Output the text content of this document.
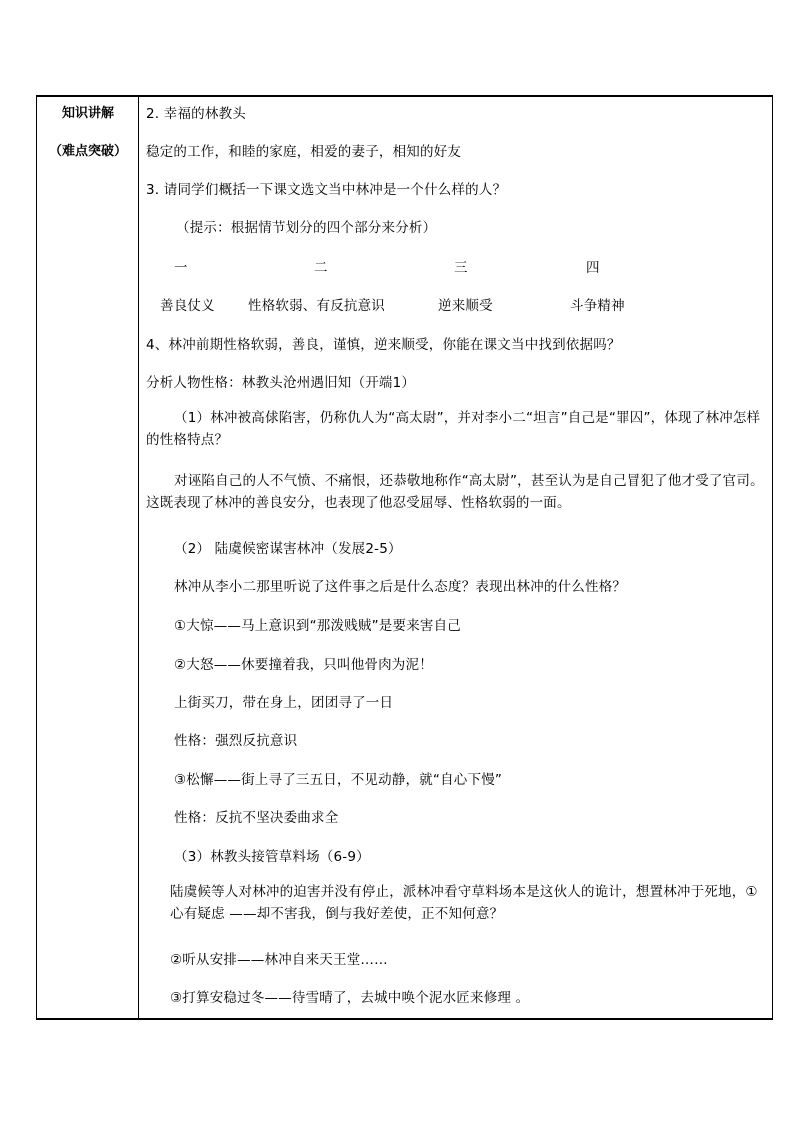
知识讲解
（难点突破）
2. 幸福的林教头
稳定的工作，和睦的家庭，相爱的妻子，相知的好友
3. 请同学们概括一下课文选文当中林冲是一个什么样的人？
（提示：根据情节划分的四个部分来分析）
一	二	三	四
善良仗义 性格软弱、有反抗意识	逆来顺受	斗争精神
4、林冲前期性格软弱，善良，谨慎，逆来顺受，你能在课文当中找到依据吗？
分析人物性格：林教头沧州遇旧知（开端1）
（1）林冲被高俅陷害，仍称仇人为“高太尉”，并对李小二“坦言”自己是“罪囚”，体现了林冲怎样的性格特点？
对诬陷自己的人不气愤、不痛恨，还恭敬地称作“高太尉”，甚至认为是自己冒犯了他才受了官司。这既表现了林冲的善良安分，也表现了他忍受屈辱、性格软弱的一面。
（2） 陆虞候密谋害林冲（发展2-5）
林冲从李小二那里听说了这件事之后是什么态度？表现出林冲的什么性格？
①大惊——马上意识到“那泼贱贼”是要来害自己
②大怒——休要撞着我，只叫他骨肉为泥！
上街买刀，带在身上，团团寻了一日
性格：强烈反抗意识
③松懈——街上寻了三五日，不见动静，就“自心下慢”
性格：反抗不坚决委曲求全
（3）林教头接管草料场（6-9）
陆虞候等人对林冲的迫害并没有停止，派林冲看守草料场本是这伙人的诡计，想置林冲于死地，①心有疑虑 ——却不害我，倒与我好差使，正不知何意？
②听从安排——林冲自来天王堂……
③打算安稳过冬——待雪晴了，去城中唤个泥水匠来修理 。
